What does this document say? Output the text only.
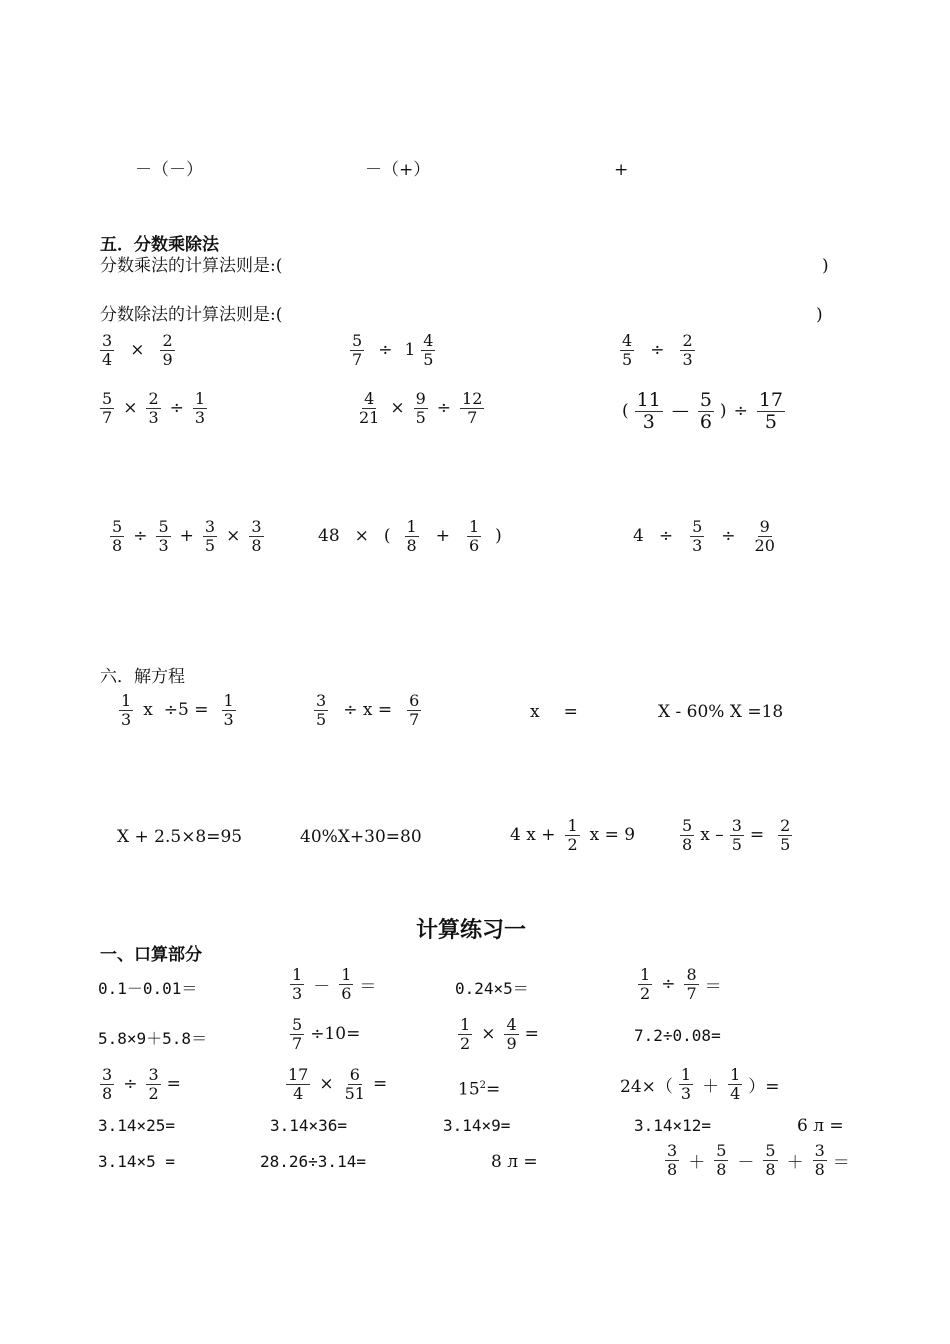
－（－）	－（+）	+
五．分数乘除法
分数乘法的计算法则是:(	)
分数除法的计算法则是:(	)
$\frac{3}{4}$ ×	$\frac{2}{9}$	$\frac{5}{7} \div 1 \frac{4}{5}$	$\frac{4}{5}$ ÷	$\frac{2}{3}$
$\frac{5}{7} \times \frac{2}{3} \div \frac{1}{3}$	$\frac{4}{21} \times \frac{9}{5} \div \frac{12}{7}$	( $\frac{11}{3}$ — $\frac{5}{6}$ ) ÷ $\frac{17}{5}$
$\frac{5}{8} \div \frac{5}{3} + \frac{3}{5} \times \frac{3}{8}$	48 × ( $\frac{1}{8} + \frac{1}{6}$ )	$4 \div \frac{5}{3} \div \frac{9}{20}$
六．解方程
$\frac{1}{3}$ $x \div 5 = \frac{1}{3}$	$\frac{3}{5} \div x = \frac{6}{7}$	x =	X - 60% X =18
X + 2.5×8=95	40%X+30=80	4 $x + \frac{1}{2}$ x = 9	$\frac{5}{8}$ $x - \frac{3}{5} = \frac{2}{5}$
计算练习一
一、口算部分
0.1－0.01＝	$\frac{1}{3} - \frac{1}{6}$ ＝	0.24×5＝	$\frac{1}{2} \div \frac{8}{7}$ ＝
5.8×9＋5.8＝	$\frac{5}{7} \div 10=$	$\frac{1}{2} \times \frac{4}{9}$ =	7.2÷0.08=
$\frac{3}{8} \div \frac{3}{2}$ =	$\frac{17}{4} \times \frac{6}{51}$ =	$15^2=$	$24\times( \frac{1}{3} + \frac{1}{4}$ ）=
3.14×25=	3.14×36=	3.14×9=	3.14×12=	6 л =
3.14×5 =	28.26÷3.14=	8 л =	$\frac{3}{8} + \frac{5}{8} - \frac{5}{8} + \frac{3}{8}$ ＝
